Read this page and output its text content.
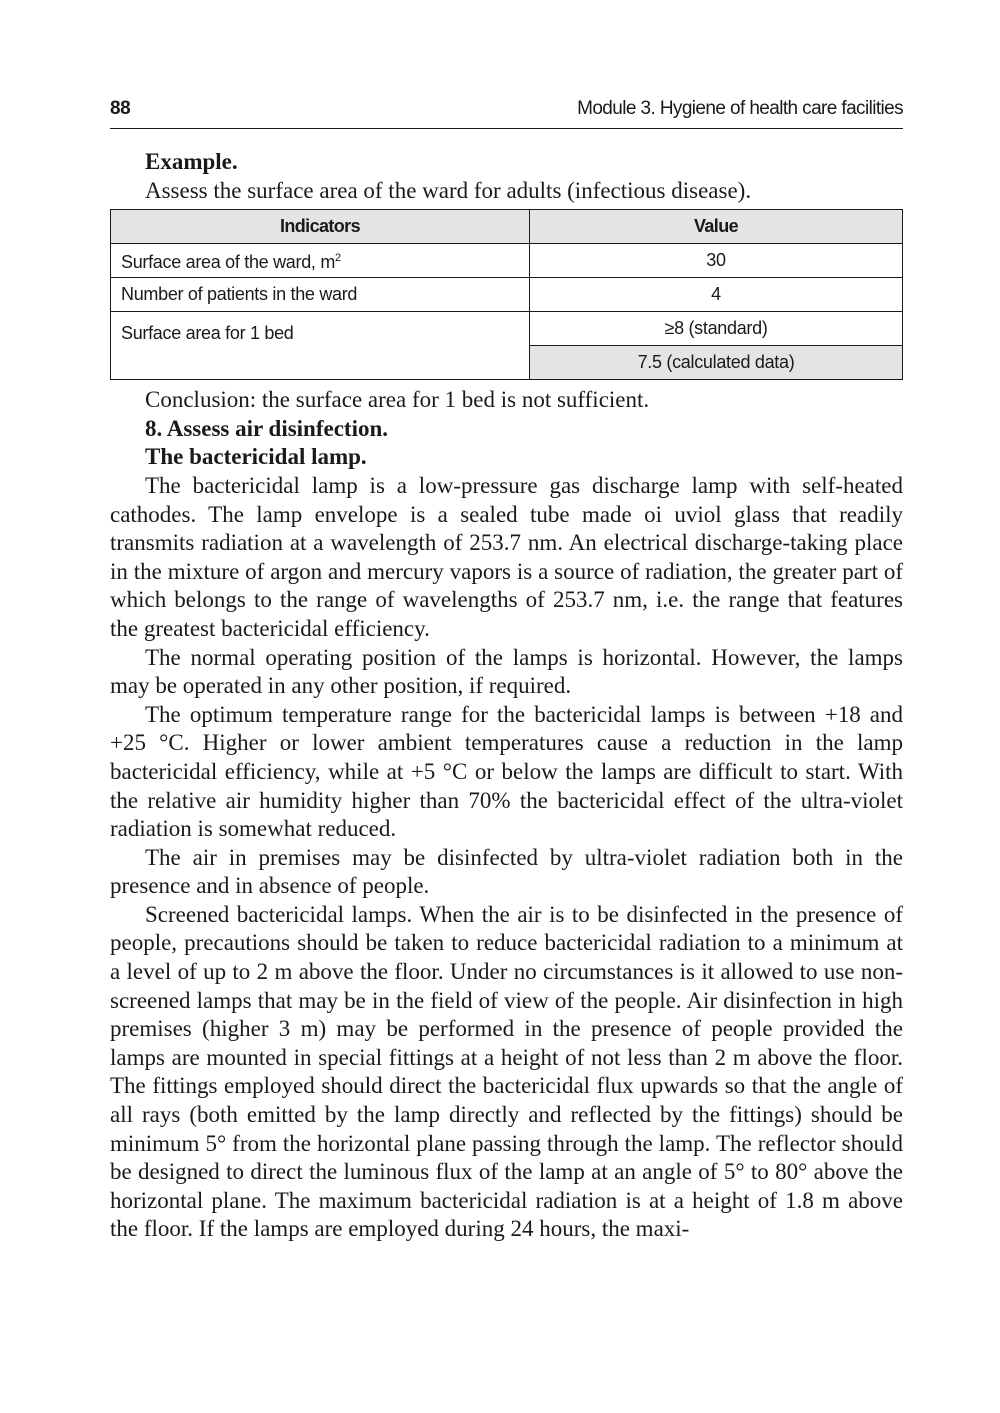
88	Module 3. Hygiene of health care facilities

Example.

Assess the surface area of the ward for adults (infectious disease).

Indicators	Value
Surface area of the ward, $m^2$	30
Number of patients in the ward	4
Surface area for 1 bed	≥8 (standard)
	7.5 (calculated data)

Conclusion: the surface area for 1 bed is not sufficient.

8. Assess air disinfection.

The bactericidal lamp.

The bactericidal lamp is a low-pressure gas discharge lamp with self-heated cathodes. The lamp envelope is a sealed tube made oi uviol glass that readily transmits radiation at a wavelength of 253.7 nm. An electrical discharge-taking place in the mixture of argon and mercury vapors is a source of radiation, the greater part of which belongs to the range of wavelengths of 253.7 nm, i.e. the range that features the greatest bactericidal efficiency.

The normal operating position of the lamps is horizontal. However, the lamps may be operated in any other position, if required.

The optimum temperature range for the bactericidal lamps is between +18 and +25 °C. Higher or lower ambient temperatures cause a reduction in the lamp bactericidal efficiency, while at +5 °C or below the lamps are difficult to start. With the relative air humidity higher than 70% the bactericidal effect of the ultra-violet radiation is somewhat reduced.

The air in premises may be disinfected by ultra-violet radiation both in the presence and in absence of people.

Screened bactericidal lamps. When the air is to be disinfected in the presence of people, precautions should be taken to reduce bactericidal radiation to a minimum at a level of up to 2 m above the floor. Under no circumstances is it allowed to use non-screened lamps that may be in the field of view of the people. Air disinfection in high premises (higher 3 m) may be performed in the presence of people provided the lamps are mounted in special fittings at a height of not less than 2 m above the floor. The fittings employed should direct the bactericidal flux upwards so that the angle of all rays (both emitted by the lamp directly and reflected by the fittings) should be minimum 5° from the horizontal plane passing through the lamp. The reflector should be designed to direct the luminous flux of the lamp at an angle of 5° to 80° above the horizontal plane. The maximum bactericidal radiation is at a height of 1.8 m above the floor. If the lamps are employed during 24 hours, the maxi-
